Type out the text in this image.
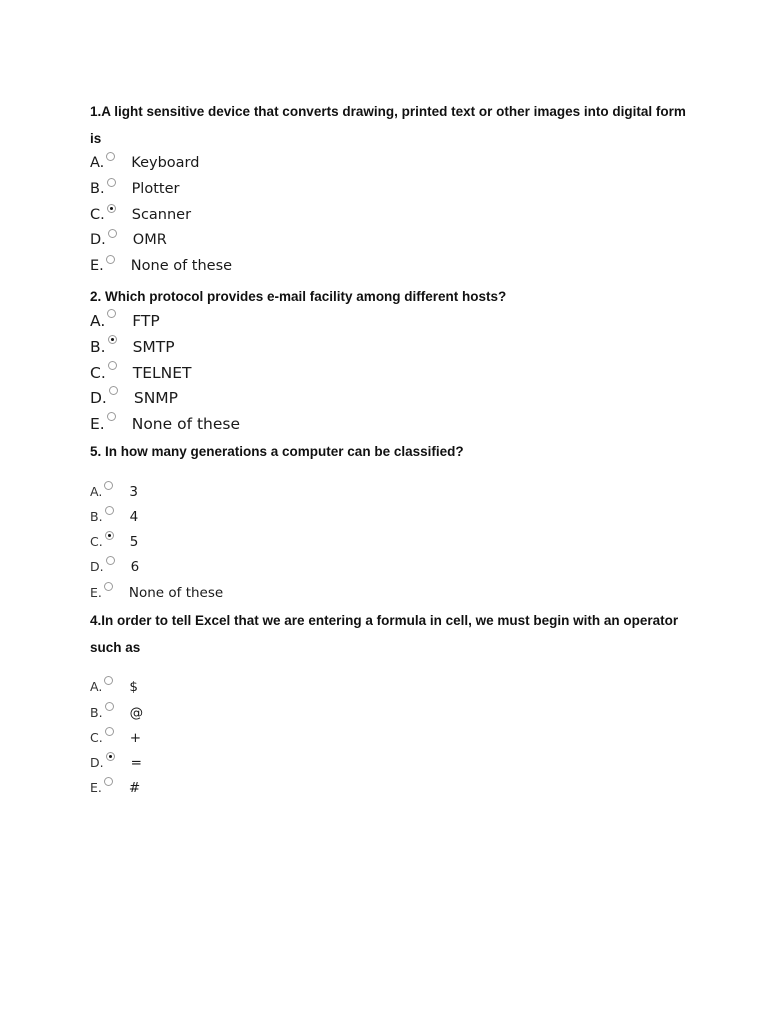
1.A light sensitive device that converts drawing, printed text or other images into digital form is
A. Keyboard
B. Plotter
C. Scanner
D. OMR
E. None of these
2. Which protocol provides e-mail facility among different hosts?
A. FTP
B. SMTP
C. TELNET
D. SNMP
E. None of these
5. In how many generations a computer can be classified?
A. 3
B. 4
C. 5
D. 6
E. None of these
4.In order to tell Excel that we are entering a formula in cell, we must begin with an operator such as
A. $
B. @
C. +
D. =
E. #
